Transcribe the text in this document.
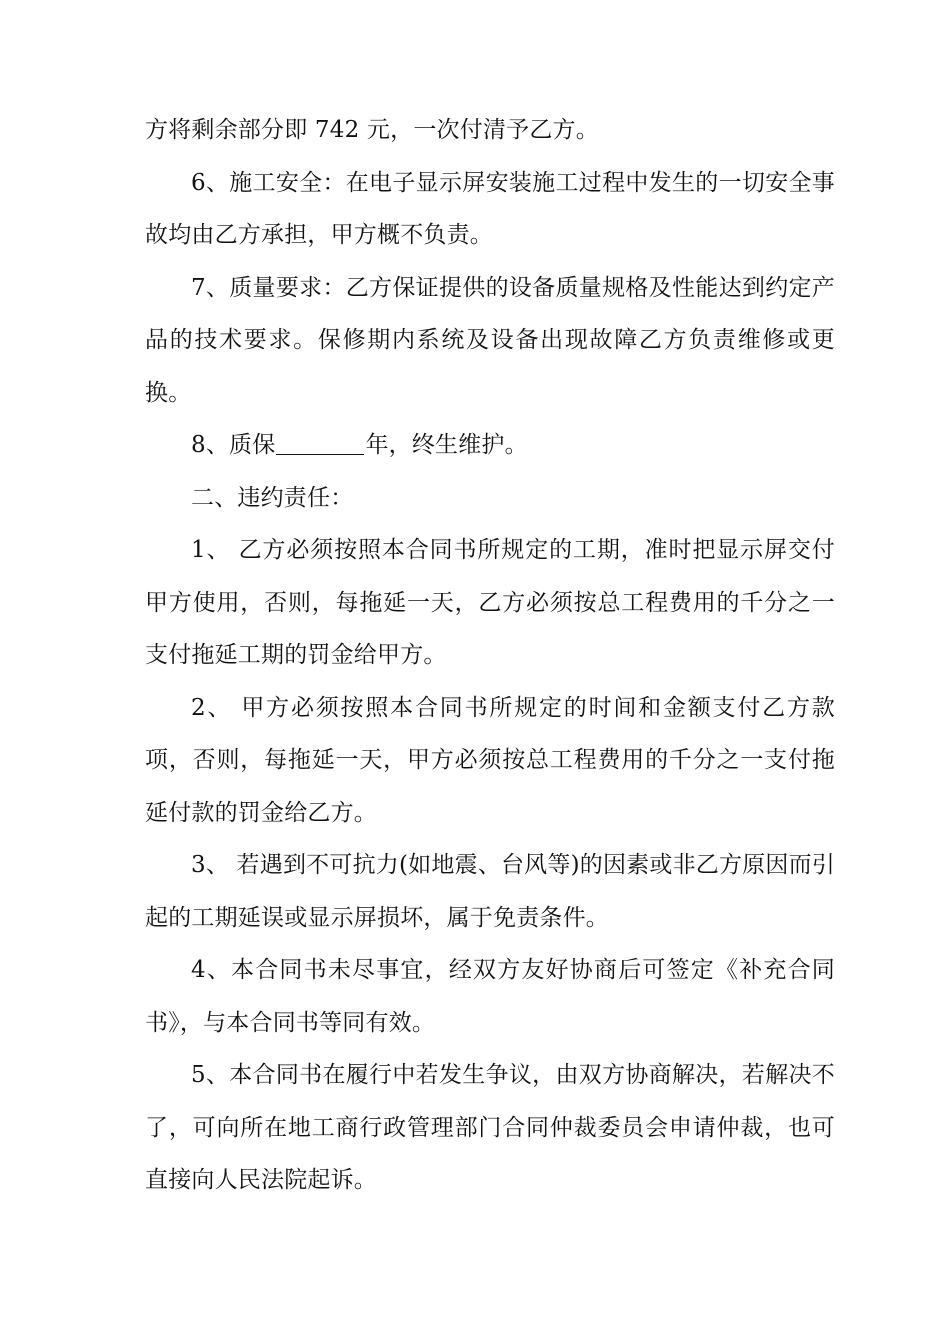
方将剩余部分即 742 元，一次付清予乙方。

6、施工安全：在电子显示屏安装施工过程中发生的一切安全事故均由乙方承担，甲方概不负责。

7、质量要求：乙方保证提供的设备质量规格及性能达到约定产品的技术要求。保修期内系统及设备出现故障乙方负责维修或更换。

8、质保	年，终生维护。

二、违约责任：

1、 乙方必须按照本合同书所规定的工期，准时把显示屏交付甲方使用，否则，每拖延一天，乙方必须按总工程费用的千分之一支付拖延工期的罚金给甲方。

2、 甲方必须按照本合同书所规定的时间和金额支付乙方款项，否则，每拖延一天，甲方必须按总工程费用的千分之一支付拖延付款的罚金给乙方。

3、 若遇到不可抗力(如地震、台风等)的因素或非乙方原因而引起的工期延误或显示屏损坏，属于免责条件。

4、本合同书未尽事宜，经双方友好协商后可签定《补充合同书》，与本合同书等同有效。

5、本合同书在履行中若发生争议，由双方协商解决，若解决不了，可向所在地工商行政管理部门合同仲裁委员会申请仲裁，也可直接向人民法院起诉。
